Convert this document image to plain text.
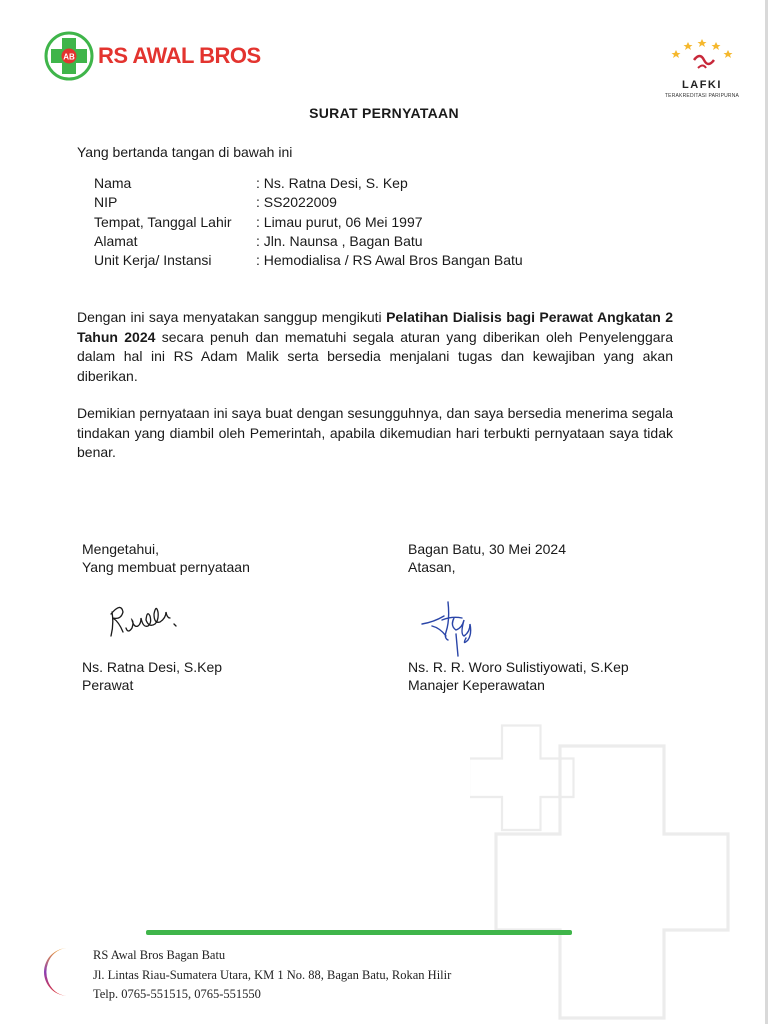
AB RS AWAL BROS
LAFKI
TERAKREDITASI PARIPURNA
SURAT PERNYATAAN
Yang bertanda tangan di bawah ini
Nama	: Ns. Ratna Desi, S. Kep
NIP	: SS2022009
Tempat, Tanggal Lahir	: Limau purut, 06 Mei 1997
Alamat	: Jln. Naunsa , Bagan Batu
Unit Kerja/ Instansi	: Hemodialisa / RS Awal Bros Bangan Batu
Dengan ini saya menyatakan sanggup mengikuti Pelatihan Dialisis bagi Perawat Angkatan 2 Tahun 2024 secara penuh dan mematuhi segala aturan yang diberikan oleh Penyelenggara dalam hal ini RS Adam Malik serta bersedia menjalani tugas dan kewajiban yang akan diberikan.
Demikian pernyataan ini saya buat dengan sesungguhnya, dan saya bersedia menerima segala tindakan yang diambil oleh Pemerintah, apabila dikemudian hari terbukti pernyataan saya tidak benar.
Mengetahui,
Yang membuat pernyataan
Bagan Batu, 30 Mei 2024
Atasan,
Ns. Ratna Desi, S.Kep
Perawat
Ns. R. R. Woro Sulistiyowati, S.Kep
Manajer Keperawatan
RS Awal Bros Bagan Batu
Jl. Lintas Riau-Sumatera Utara, KM 1 No. 88, Bagan Batu, Rokan Hilir
Telp. 0765-551515, 0765-551550
